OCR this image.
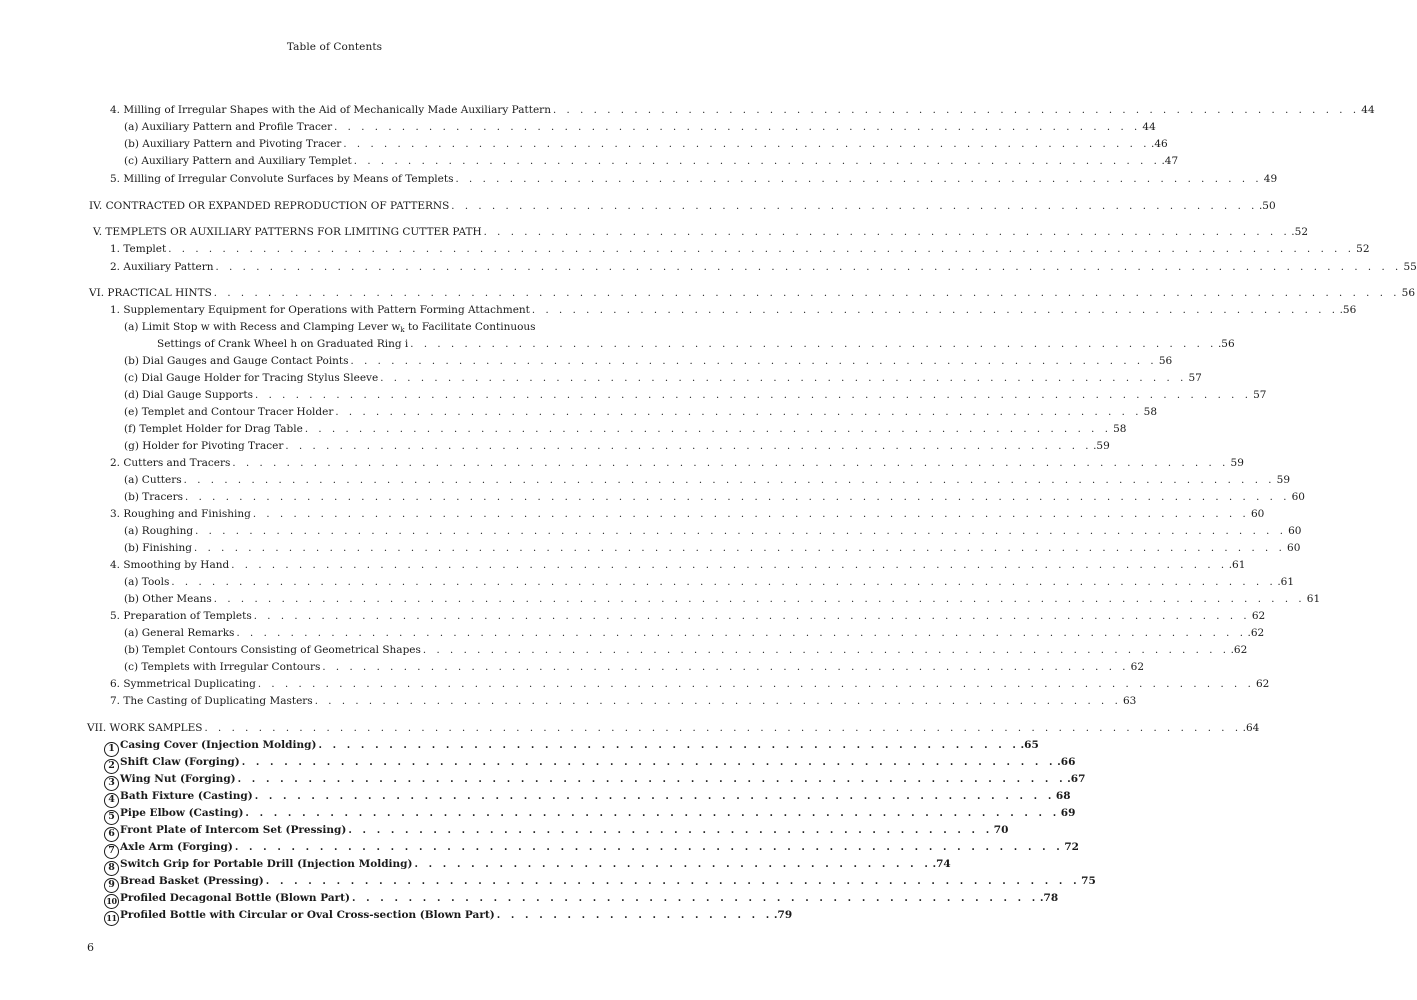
Table of Contents
4. Milling of Irregular Shapes with the Aid of Mechanically Made Auxiliary Pattern . . . . . . . . . . . . . . . . . . . . . . . . . . . . . . . . . . . . . . . . . . . . . . . . . . . . . . . . . . . . 44
(a) Auxiliary Pattern and Profile Tracer . . . . . . . . . . . . . . . . . . . . . . . . . . . . . . . . . . . . . . . . . . . . . . . . . . . . . . . . . . . . 44
(b) Auxiliary Pattern and Pivoting Tracer . . . . . . . . . . . . . . . . . . . . . . . . . . . . . . . . . . . . . . . . . . . . . . . . . . . . . . . . . . . . .46
(c) Auxiliary Pattern and Auxiliary Templet . . . . . . . . . . . . . . . . . . . . . . . . . . . . . . . . . . . . . . . . . . . . . . . . . . . . . . . . . . . . .47
5. Milling of Irregular Convolute Surfaces by Means of Templets . . . . . . . . . . . . . . . . . . . . . . . . . . . . . . . . . . . . . . . . . . . . . . . . . . . . . . . . . . . . 49
IV. CONTRACTED OR EXPANDED REPRODUCTION OF PATTERNS . . . . . . . . . . . . . . . . . . . . . . . . . . . . . . . . . . . . . . . . . . . . . . . . . . . . . . . . . . . . .50
V. TEMPLETS OR AUXILIARY PATTERNS FOR LIMITING CUTTER PATH . . . . . . . . . . . . . . . . . . . . . . . . . . . . . . . . . . . . . . . . . . . . . . . . . . . . . . . . . . . . .52
1. Templet . . . . . . . . . . . . . . . . . . . . . . . . . . . . . . . . . . . . . . . . . . . . . . . . . . . . . . . . . . . . . . . . . . . . . . . . . . . . . . . . . . . . . . . . 52
2. Auxiliary Pattern . . . . . . . . . . . . . . . . . . . . . . . . . . . . . . . . . . . . . . . . . . . . . . . . . . . . . . . . . . . . . . . . . . . . . . . . . . . . . . . . . . . . . . . . 55
VI. PRACTICAL HINTS . . . . . . . . . . . . . . . . . . . . . . . . . . . . . . . . . . . . . . . . . . . . . . . . . . . . . . . . . . . . . . . . . . . . . . . . . . . . . . . . . . . . . . . . 56
1. Supplementary Equipment for Operations with Pattern Forming Attachment . . . . . . . . . . . . . . . . . . . . . . . . . . . . . . . . . . . . . . . . . . . . . . . . . . . . . . . . . . . . .56
(a) Limit Stop w with Recess and Clamping Lever $w_k$ to Facilitate Continuous
Settings of Crank Wheel h on Graduated Ring i . . . . . . . . . . . . . . . . . . . . . . . . . . . . . . . . . . . . . . . . . . . . . . . . . . . . . . . . . . . . .56
(b) Dial Gauges and Gauge Contact Points . . . . . . . . . . . . . . . . . . . . . . . . . . . . . . . . . . . . . . . . . . . . . . . . . . . . . . . . . . . . 56
(c) Dial Gauge Holder for Tracing Stylus Sleeve . . . . . . . . . . . . . . . . . . . . . . . . . . . . . . . . . . . . . . . . . . . . . . . . . . . . . . . . . . . . 57
(d) Dial Gauge Supports . . . . . . . . . . . . . . . . . . . . . . . . . . . . . . . . . . . . . . . . . . . . . . . . . . . . . . . . . . . . . . . . . . . . . . . . . . 57
(e) Templet and Contour Tracer Holder . . . . . . . . . . . . . . . . . . . . . . . . . . . . . . . . . . . . . . . . . . . . . . . . . . . . . . . . . . . . 58
(f) Templet Holder for Drag Table . . . . . . . . . . . . . . . . . . . . . . . . . . . . . . . . . . . . . . . . . . . . . . . . . . . . . . . . . . . . 58
(g) Holder for Pivoting Tracer . . . . . . . . . . . . . . . . . . . . . . . . . . . . . . . . . . . . . . . . . . . . . . . . . . . . . . . . . . . . .59
2. Cutters and Tracers . . . . . . . . . . . . . . . . . . . . . . . . . . . . . . . . . . . . . . . . . . . . . . . . . . . . . . . . . . . . . . . . . . . . . . . . . . 59
(a) Cutters . . . . . . . . . . . . . . . . . . . . . . . . . . . . . . . . . . . . . . . . . . . . . . . . . . . . . . . . . . . . . . . . . . . . . . . . . . . . . . . . . 59
(b) Tracers . . . . . . . . . . . . . . . . . . . . . . . . . . . . . . . . . . . . . . . . . . . . . . . . . . . . . . . . . . . . . . . . . . . . . . . . . . . . . . . . . . 60
3. Roughing and Finishing . . . . . . . . . . . . . . . . . . . . . . . . . . . . . . . . . . . . . . . . . . . . . . . . . . . . . . . . . . . . . . . . . . . . . . . . . . 60
(a) Roughing . . . . . . . . . . . . . . . . . . . . . . . . . . . . . . . . . . . . . . . . . . . . . . . . . . . . . . . . . . . . . . . . . . . . . . . . . . . . . . . . . 60
(b) Finishing . . . . . . . . . . . . . . . . . . . . . . . . . . . . . . . . . . . . . . . . . . . . . . . . . . . . . . . . . . . . . . . . . . . . . . . . . . . . . . . . . 60
4. Smoothing by Hand . . . . . . . . . . . . . . . . . . . . . . . . . . . . . . . . . . . . . . . . . . . . . . . . . . . . . . . . . . . . . . . . . . . . . . . . . . .61
(a) Tools . . . . . . . . . . . . . . . . . . . . . . . . . . . . . . . . . . . . . . . . . . . . . . . . . . . . . . . . . . . . . . . . . . . . . . . . . . . . . . . . . . .61
(b) Other Means . . . . . . . . . . . . . . . . . . . . . . . . . . . . . . . . . . . . . . . . . . . . . . . . . . . . . . . . . . . . . . . . . . . . . . . . . . . . . . . . . 61
5. Preparation of Templets . . . . . . . . . . . . . . . . . . . . . . . . . . . . . . . . . . . . . . . . . . . . . . . . . . . . . . . . . . . . . . . . . . . . . . . . . . 62
(a) General Remarks . . . . . . . . . . . . . . . . . . . . . . . . . . . . . . . . . . . . . . . . . . . . . . . . . . . . . . . . . . . . . . . . . . . . . . . . . . . .62
(b) Templet Contours Consisting of Geometrical Shapes . . . . . . . . . . . . . . . . . . . . . . . . . . . . . . . . . . . . . . . . . . . . . . . . . . . . . . . . . . . . .62
(c) Templets with Irregular Contours . . . . . . . . . . . . . . . . . . . . . . . . . . . . . . . . . . . . . . . . . . . . . . . . . . . . . . . . . . . . 62
6. Symmetrical Duplicating . . . . . . . . . . . . . . . . . . . . . . . . . . . . . . . . . . . . . . . . . . . . . . . . . . . . . . . . . . . . . . . . . . . . . . . . . . 62
7. The Casting of Duplicating Masters . . . . . . . . . . . . . . . . . . . . . . . . . . . . . . . . . . . . . . . . . . . . . . . . . . . . . . . . . . . . 63
VII. WORK SAMPLES . . . . . . . . . . . . . . . . . . . . . . . . . . . . . . . . . . . . . . . . . . . . . . . . . . . . . . . . . . . . . . . . . . . . . . . . . . . . . .64
1 Casing Cover (Injection Molding) . . . . . . . . . . . . . . . . . . . . . . . . . . . . . . . . . . . . . . . . . . . . . . . . . . .65
2 Shift Claw (Forging) . . . . . . . . . . . . . . . . . . . . . . . . . . . . . . . . . . . . . . . . . . . . . . . . . . . . . . . . . . .66
3 Wing Nut (Forging) . . . . . . . . . . . . . . . . . . . . . . . . . . . . . . . . . . . . . . . . . . . . . . . . . . . . . . . . . . . .67
4 Bath Fixture (Casting) . . . . . . . . . . . . . . . . . . . . . . . . . . . . . . . . . . . . . . . . . . . . . . . . . . . . . . . . . 68
5 Pipe Elbow (Casting) . . . . . . . . . . . . . . . . . . . . . . . . . . . . . . . . . . . . . . . . . . . . . . . . . . . . . . . . . . 69
6 Front Plate of Intercom Set (Pressing) . . . . . . . . . . . . . . . . . . . . . . . . . . . . . . . . . . . . . . . . . . . . . . 70
7 Axle Arm (Forging) . . . . . . . . . . . . . . . . . . . . . . . . . . . . . . . . . . . . . . . . . . . . . . . . . . . . . . . . . . . 72
8 Switch Grip for Portable Drill (Injection Molding) . . . . . . . . . . . . . . . . . . . . . . . . . . . . . . . . . . . . . .74
9 Bread Basket (Pressing) . . . . . . . . . . . . . . . . . . . . . . . . . . . . . . . . . . . . . . . . . . . . . . . . . . . . . . . . . . 75
10 Profiled Decagonal Bottle (Blown Part) . . . . . . . . . . . . . . . . . . . . . . . . . . . . . . . . . . . . . . . . . . . . . . . . . .78
11 Profiled Bottle with Circular or Oval Cross-section (Blown Part) . . . . . . . . . . . . . . . . . . . . .79
6
